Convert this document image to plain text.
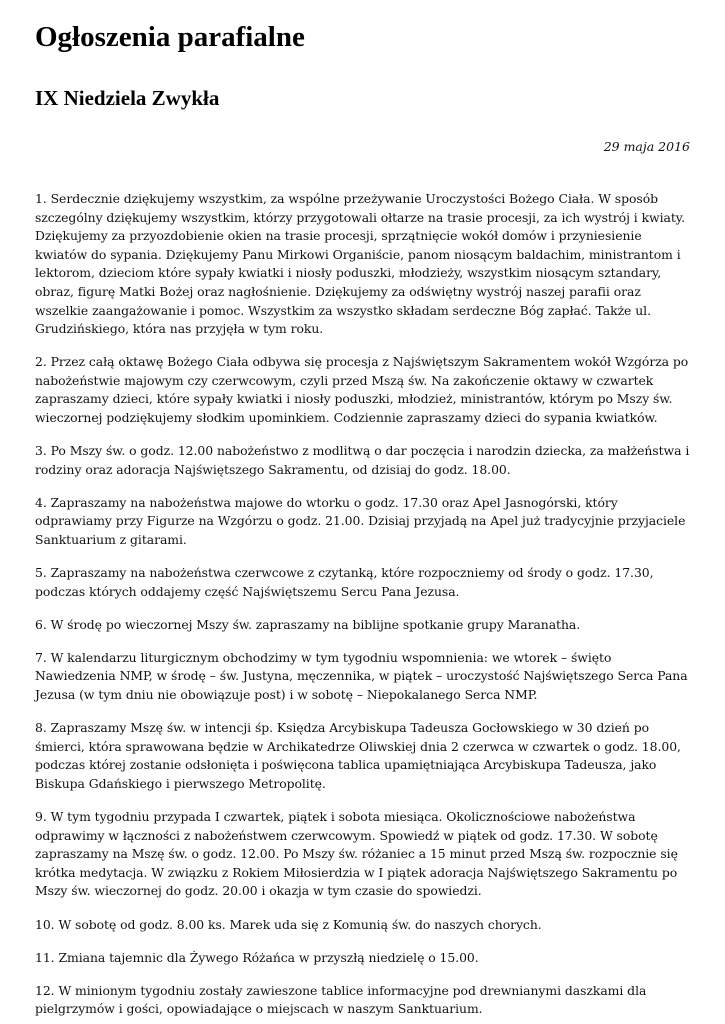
Ogłoszenia parafialne
IX Niedziela Zwykła
29 maja 2016

1. Serdecznie dziękujemy wszystkim, za wspólne przeżywanie Uroczystości Bożego Ciała. W sposób szczególny dziękujemy wszystkim, którzy przygotowali ołtarze na trasie procesji, za ich wystrój i kwiaty. Dziękujemy za przyozdobienie okien na trasie procesji, sprzątnięcie wokół domów i przyniesienie kwiatów do sypania. Dziękujemy Panu Mirkowi Organiście, panom niosącym baldachim, ministrantom i lektorom, dzieciom które sypały kwiatki i niosły poduszki, młodzieży, wszystkim niosącym sztandary, obraz, figurę Matki Bożej oraz nagłośnienie. Dziękujemy za odświętny wystrój naszej parafii oraz wszelkie zaangażowanie i pomoc. Wszystkim za wszystko składam serdeczne Bóg zapłać. Także ul. Grudzińskiego, która nas przyjęła w tym roku.

2. Przez całą oktawę Bożego Ciała odbywa się procesja z Najświętszym Sakramentem wokół Wzgórza po nabożeństwie majowym czy czerwcowym, czyli przed Mszą św. Na zakończenie oktawy w czwartek zapraszamy dzieci, które sypały kwiatki i niosły poduszki, młodzież, ministrantów, którym po Mszy św. wieczornej podziękujemy słodkim upominkiem. Codziennie zapraszamy dzieci do sypania kwiatków.

3. Po Mszy św. o godz. 12.00 nabożeństwo z modlitwą o dar poczęcia i narodzin dziecka, za małżeństwa i rodziny oraz adoracja Najświętszego Sakramentu, od dzisiaj do godz. 18.00.

4. Zapraszamy na nabożeństwa majowe do wtorku o godz. 17.30 oraz Apel Jasnogórski, który odprawiamy przy Figurze na Wzgórzu o godz. 21.00. Dzisiaj przyjadą na Apel już tradycyjnie przyjaciele Sanktuarium z gitarami.

5. Zapraszamy na nabożeństwa czerwcowe z czytanką, które rozpoczniemy od środy o godz. 17.30, podczas których oddajemy część Najświętszemu Sercu Pana Jezusa.

6. W środę po wieczornej Mszy św. zapraszamy na biblijne spotkanie grupy Maranatha.

7. W kalendarzu liturgicznym obchodzimy w tym tygodniu wspomnienia: we wtorek – święto Nawiedzenia NMP, w środę – św. Justyna, męczennika, w piątek – uroczystość Najświętszego Serca Pana Jezusa (w tym dniu nie obowiązuje post) i w sobotę – Niepokalanego Serca NMP.

8. Zapraszamy Mszę św. w intencji śp. Księdza Arcybiskupa Tadeusza Gocłowskiego w 30 dzień po śmierci, która sprawowana będzie w Archikatedrze Oliwskiej dnia 2 czerwca w czwartek o godz. 18.00, podczas której zostanie odsłonięta i poświęcona tablica upamiętniająca Arcybiskupa Tadeusza, jako Biskupa Gdańskiego i pierwszego Metropolitę.

9. W tym tygodniu przypada I czwartek, piątek i sobota miesiąca. Okolicznościowe nabożeństwa odprawimy w łączności z nabożeństwem czerwcowym. Spowiedź w piątek od godz. 17.30. W sobotę zapraszamy na Mszę św. o godz. 12.00. Po Mszy św. różaniec a 15 minut przed Mszą św. rozpocznie się krótka medytacja. W związku z Rokiem Miłosierdzia w I piątek adoracja Najświętszego Sakramentu po Mszy św. wieczornej do godz. 20.00 i okazja w tym czasie do spowiedzi.

10. W sobotę od godz. 8.00 ks. Marek uda się z Komunią św. do naszych chorych.

11. Zmiana tajemnic dla Żywego Różańca w przyszłą niedzielę o 15.00.

12. W minionym tygodniu zostały zawieszone tablice informacyjne pod drewnianymi daszkami dla pielgrzymów i gości, opowiadające o miejscach w naszym Sanktuarium.
